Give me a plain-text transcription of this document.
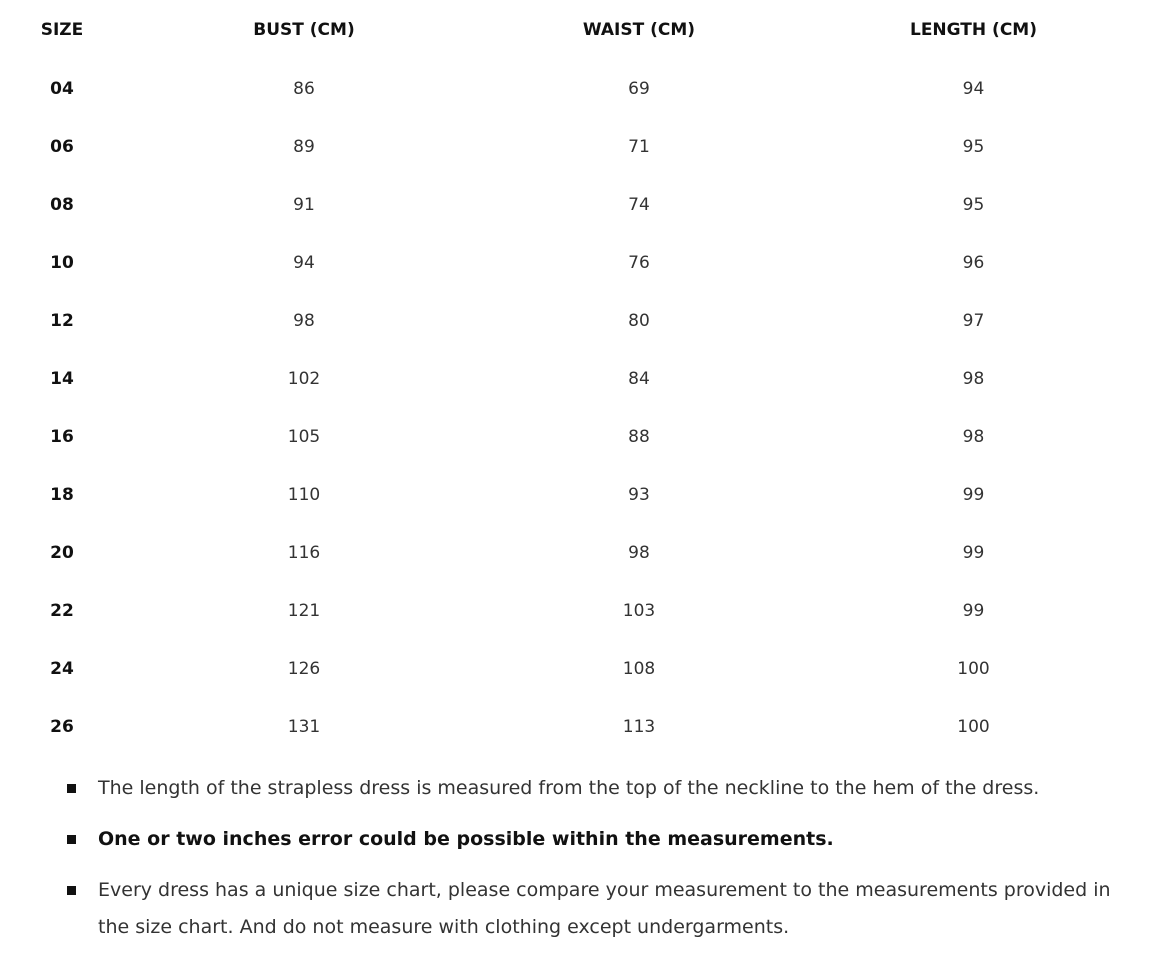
SIZE	BUST (CM)	WAIST (CM)	LENGTH (CM)
04	86	69	94
06	89	71	95
08	91	74	95
10	94	76	96
12	98	80	97
14	102	84	98
16	105	88	98
18	110	93	99
20	116	98	99
22	121	103	99
24	126	108	100
26	131	113	100
The length of the strapless dress is measured from the top of the neckline to the hem of the dress.
One or two inches error could be possible within the measurements.
Every dress has a unique size chart, please compare your measurement to the measurements provided in the size chart. And do not measure with clothing except undergarments.
